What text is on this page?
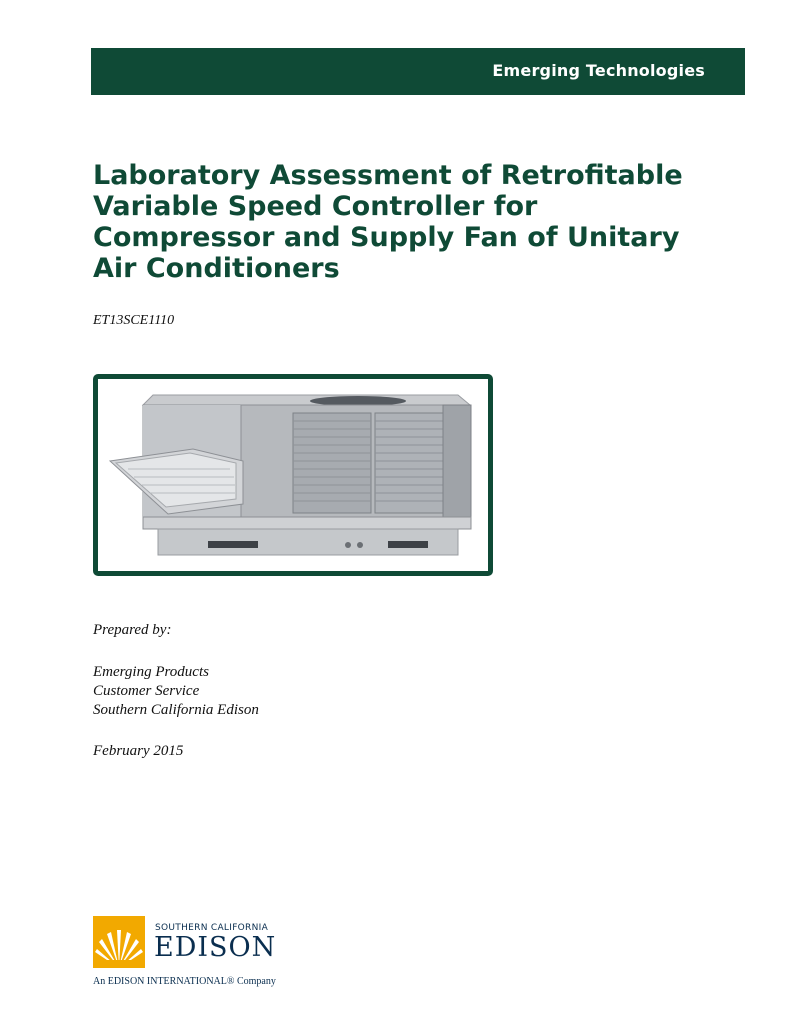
Emerging Technologies
Laboratory Assessment of Retrofitable
Variable Speed Controller for
Compressor and Supply Fan of Unitary
Air Conditioners
ET13SCE1110
Prepared by:
Emerging Products
Customer Service
Southern California Edison
February 2015
SOUTHERN CALIFORNIA
EDISON
An EDISON INTERNATIONAL® Company
